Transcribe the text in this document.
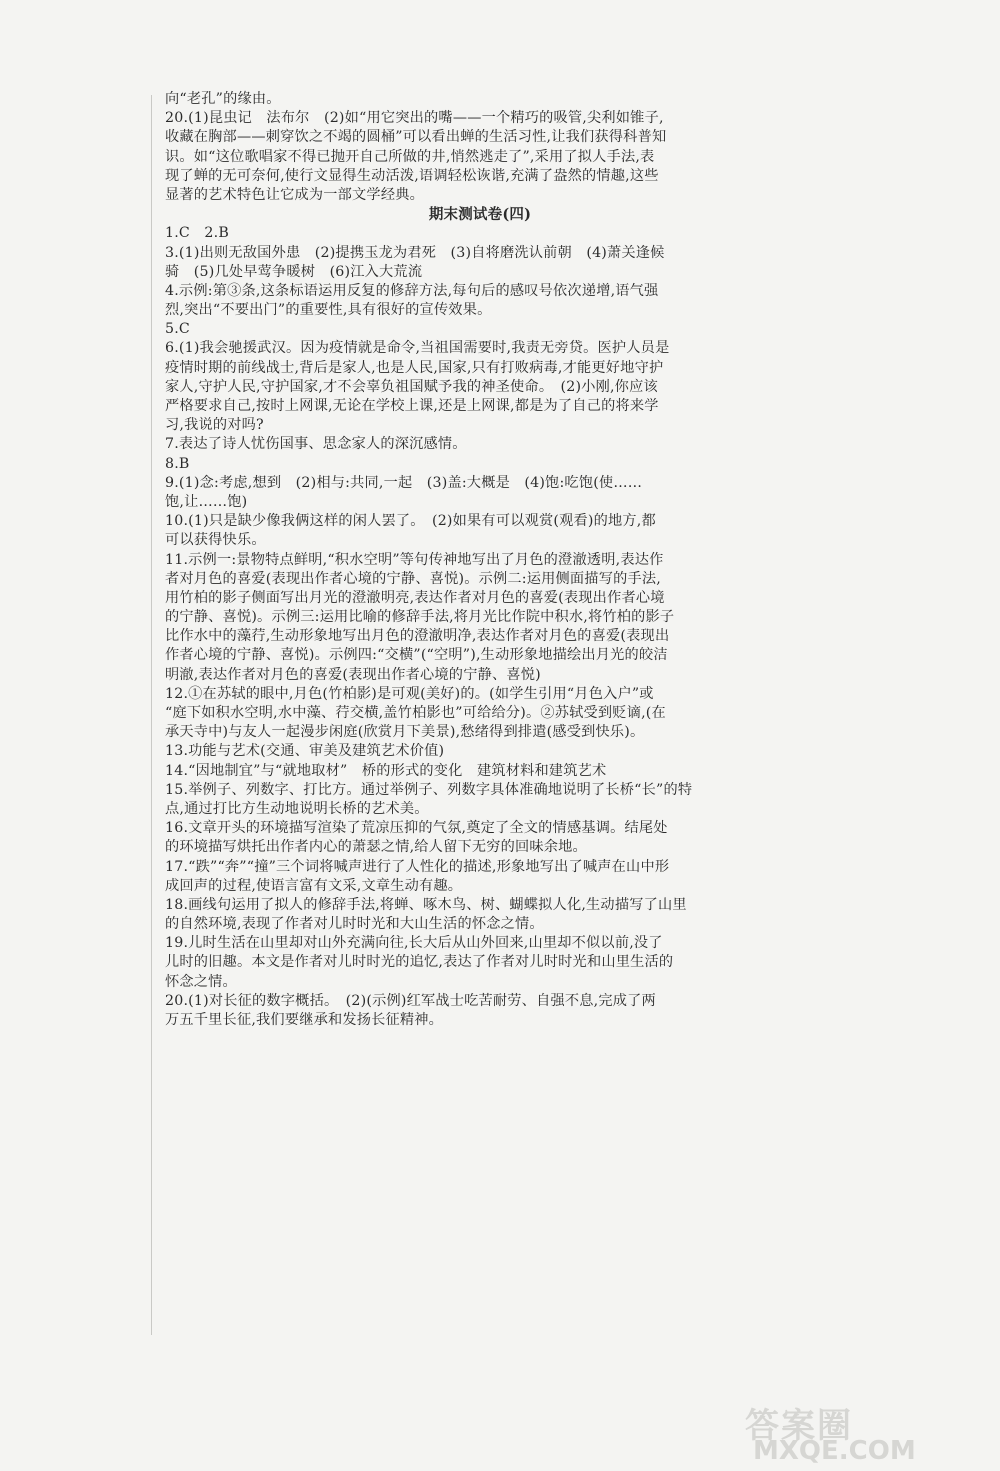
向“老孔”的缘由。
20.(1)昆虫记　法布尔　(2)如“用它突出的嘴——一个精巧的吸管,尖利如锥子,
收藏在胸部——刺穿饮之不竭的圆桶”可以看出蝉的生活习性,让我们获得科普知
识。如“这位歌唱家不得已抛开自己所做的井,悄然逃走了”,采用了拟人手法,表
现了蝉的无可奈何,使行文显得生动活泼,语调轻松诙谐,充满了盎然的情趣,这些
显著的艺术特色让它成为一部文学经典。
期末测试卷(四)
1.C　2.B
3.(1)出则无敌国外患　(2)提携玉龙为君死　(3)自将磨洗认前朝　(4)萧关逢候
骑　(5)几处早莺争暖树　(6)江入大荒流
4.示例:第③条,这条标语运用反复的修辞方法,每句后的感叹号依次递增,语气强
烈,突出“不要出门”的重要性,具有很好的宣传效果。
5.C
6.(1)我会驰援武汉。因为疫情就是命令,当祖国需要时,我责无旁贷。医护人员是
疫情时期的前线战士,背后是家人,也是人民,国家,只有打败病毒,才能更好地守护
家人,守护人民,守护国家,才不会辜负祖国赋予我的神圣使命。　(2)小刚,你应该
严格要求自己,按时上网课,无论在学校上课,还是上网课,都是为了自己的将来学
习,我说的对吗?
7.表达了诗人忧伤国事、思念家人的深沉感情。
8.B
9.(1)念:考虑,想到　(2)相与:共同,一起　(3)盖:大概是　(4)饱:吃饱(使……
饱,让……饱)
10.(1)只是缺少像我俩这样的闲人罢了。　(2)如果有可以观赏(观看)的地方,都
可以获得快乐。
11.示例一:景物特点鲜明,“积水空明”等句传神地写出了月色的澄澈透明,表达作
者对月色的喜爱(表现出作者心境的宁静、喜悦)。示例二:运用侧面描写的手法,
用竹柏的影子侧面写出月光的澄澈明亮,表达作者对月色的喜爱(表现出作者心境
的宁静、喜悦)。示例三:运用比喻的修辞手法,将月光比作院中积水,将竹柏的影子
比作水中的藻荇,生动形象地写出月色的澄澈明净,表达作者对月色的喜爱(表现出
作者心境的宁静、喜悦)。示例四:“交横”(“空明”),生动形象地描绘出月光的皎洁
明澈,表达作者对月色的喜爱(表现出作者心境的宁静、喜悦)
12.①在苏轼的眼中,月色(竹柏影)是可观(美好)的。(如学生引用“月色入户”或
“庭下如积水空明,水中藻、荇交横,盖竹柏影也”可给给分)。②苏轼受到贬谪,(在
承天寺中)与友人一起漫步闲庭(欣赏月下美景),愁绪得到排遣(感受到快乐)。
13.功能与艺术(交通、审美及建筑艺术价值)
14.“因地制宜”与“就地取材”　桥的形式的变化　建筑材料和建筑艺术
15.举例子、列数字、打比方。通过举例子、列数字具体准确地说明了长桥“长”的特
点,通过打比方生动地说明长桥的艺术美。
16.文章开头的环境描写渲染了荒凉压抑的气氛,奠定了全文的情感基调。结尾处
的环境描写烘托出作者内心的萧瑟之情,给人留下无穷的回味余地。
17.“跌”“奔”“撞”三个词将喊声进行了人性化的描述,形象地写出了喊声在山中形
成回声的过程,使语言富有文采,文章生动有趣。
18.画线句运用了拟人的修辞手法,将蝉、啄木鸟、树、蝴蝶拟人化,生动描写了山里
的自然环境,表现了作者对儿时时光和大山生活的怀念之情。
19.儿时生活在山里却对山外充满向往,长大后从山外回来,山里却不似以前,没了
儿时的旧趣。本文是作者对儿时时光的追忆,表达了作者对儿时时光和山里生活的
怀念之情。
20.(1)对长征的数字概括。　(2)(示例)红军战士吃苦耐劳、自强不息,完成了两
万五千里长征,我们要继承和发扬长征精神。
答案圈
MXQE.COM
